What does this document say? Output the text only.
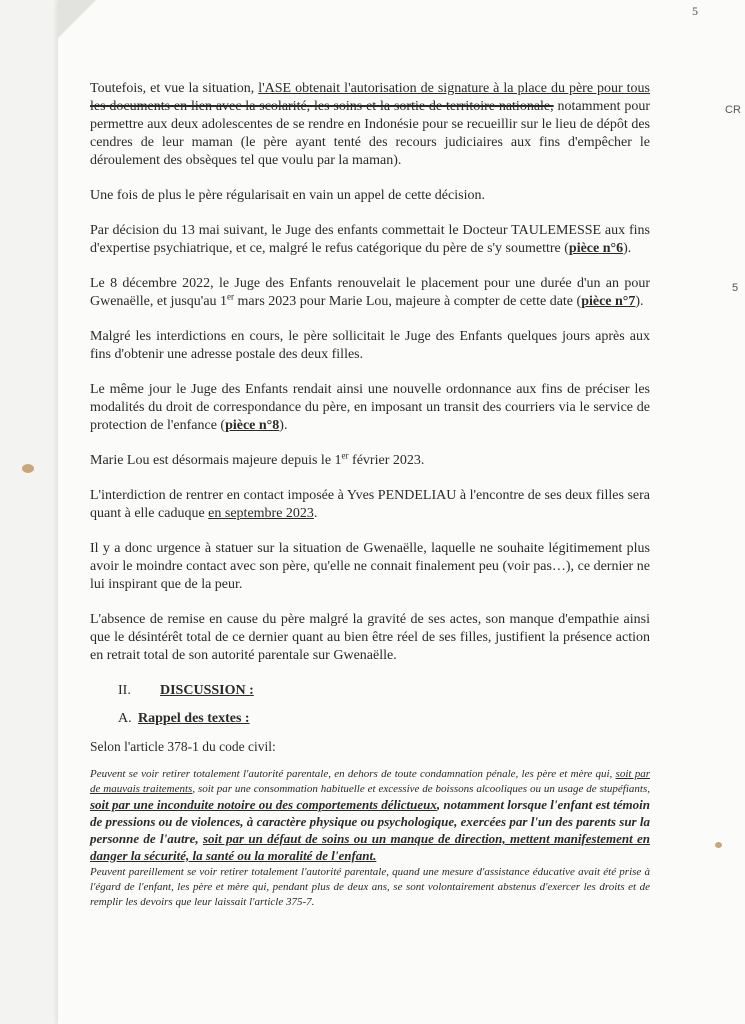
5
CR
5

Toutefois, et vue la situation, l'ASE obtenait l'autorisation de signature à la place du père pour tous les documents en lien avec la scolarité, les soins et la sortie de territoire nationale, notamment pour permettre aux deux adolescentes de se rendre en Indonésie pour se recueillir sur le lieu de dépôt des cendres de leur maman (le père ayant tenté des recours judiciaires aux fins d'empêcher le déroulement des obsèques tel que voulu par la maman).

Une fois de plus le père régularisait en vain un appel de cette décision.

Par décision du 13 mai suivant, le Juge des enfants commettait le Docteur TAULEMESSE aux fins d'expertise psychiatrique, et ce, malgré le refus catégorique du père de s'y soumettre (pièce n°6).

Le 8 décembre 2022, le Juge des Enfants renouvelait le placement pour une durée d'un an pour Gwenaëlle, et jusqu'au 1er mars 2023 pour Marie Lou, majeure à compter de cette date (pièce n°7).

Malgré les interdictions en cours, le père sollicitait le Juge des Enfants quelques jours après aux fins d'obtenir une adresse postale des deux filles.

Le même jour le Juge des Enfants rendait ainsi une nouvelle ordonnance aux fins de préciser les modalités du droit de correspondance du père, en imposant un transit des courriers via le service de protection de l'enfance (pièce n°8).

Marie Lou est désormais majeure depuis le 1er février 2023.

L'interdiction de rentrer en contact imposée à Yves PENDELIAU à l'encontre de ses deux filles sera quant à elle caduque en septembre 2023.

Il y a donc urgence à statuer sur la situation de Gwenaëlle, laquelle ne souhaite légitimement plus avoir le moindre contact avec son père, qu'elle ne connait finalement peu (voir pas…), ce dernier ne lui inspirant que de la peur.

L'absence de remise en cause du père malgré la gravité de ses actes, son manque d'empathie ainsi que le désintérêt total de ce dernier quant au bien être réel de ses filles, justifient la présence action en retrait total de son autorité parentale sur Gwenaëlle.

II.	DISCUSSION :
A. Rappel des textes :

Selon l'article 378-1 du code civil:

Peuvent se voir retirer totalement l'autorité parentale, en dehors de toute condamnation pénale, les père et mère qui, soit par de mauvais traitements, soit par une consommation habituelle et excessive de boissons alcooliques ou un usage de stupéfiants, soit par une inconduite notoire ou des comportements délictueux, notamment lorsque l'enfant est témoin de pressions ou de violences, à caractère physique ou psychologique, exercées par l'un des parents sur la personne de l'autre, soit par un défaut de soins ou un manque de direction, mettent manifestement en danger la sécurité, la santé ou la moralité de l'enfant.

Peuvent pareillement se voir retirer totalement l'autorité parentale, quand une mesure d'assistance éducative avait été prise à l'égard de l'enfant, les père et mère qui, pendant plus de deux ans, se sont volontairement abstenus d'exercer les droits et de remplir les devoirs que leur laissait l'article 375-7.
